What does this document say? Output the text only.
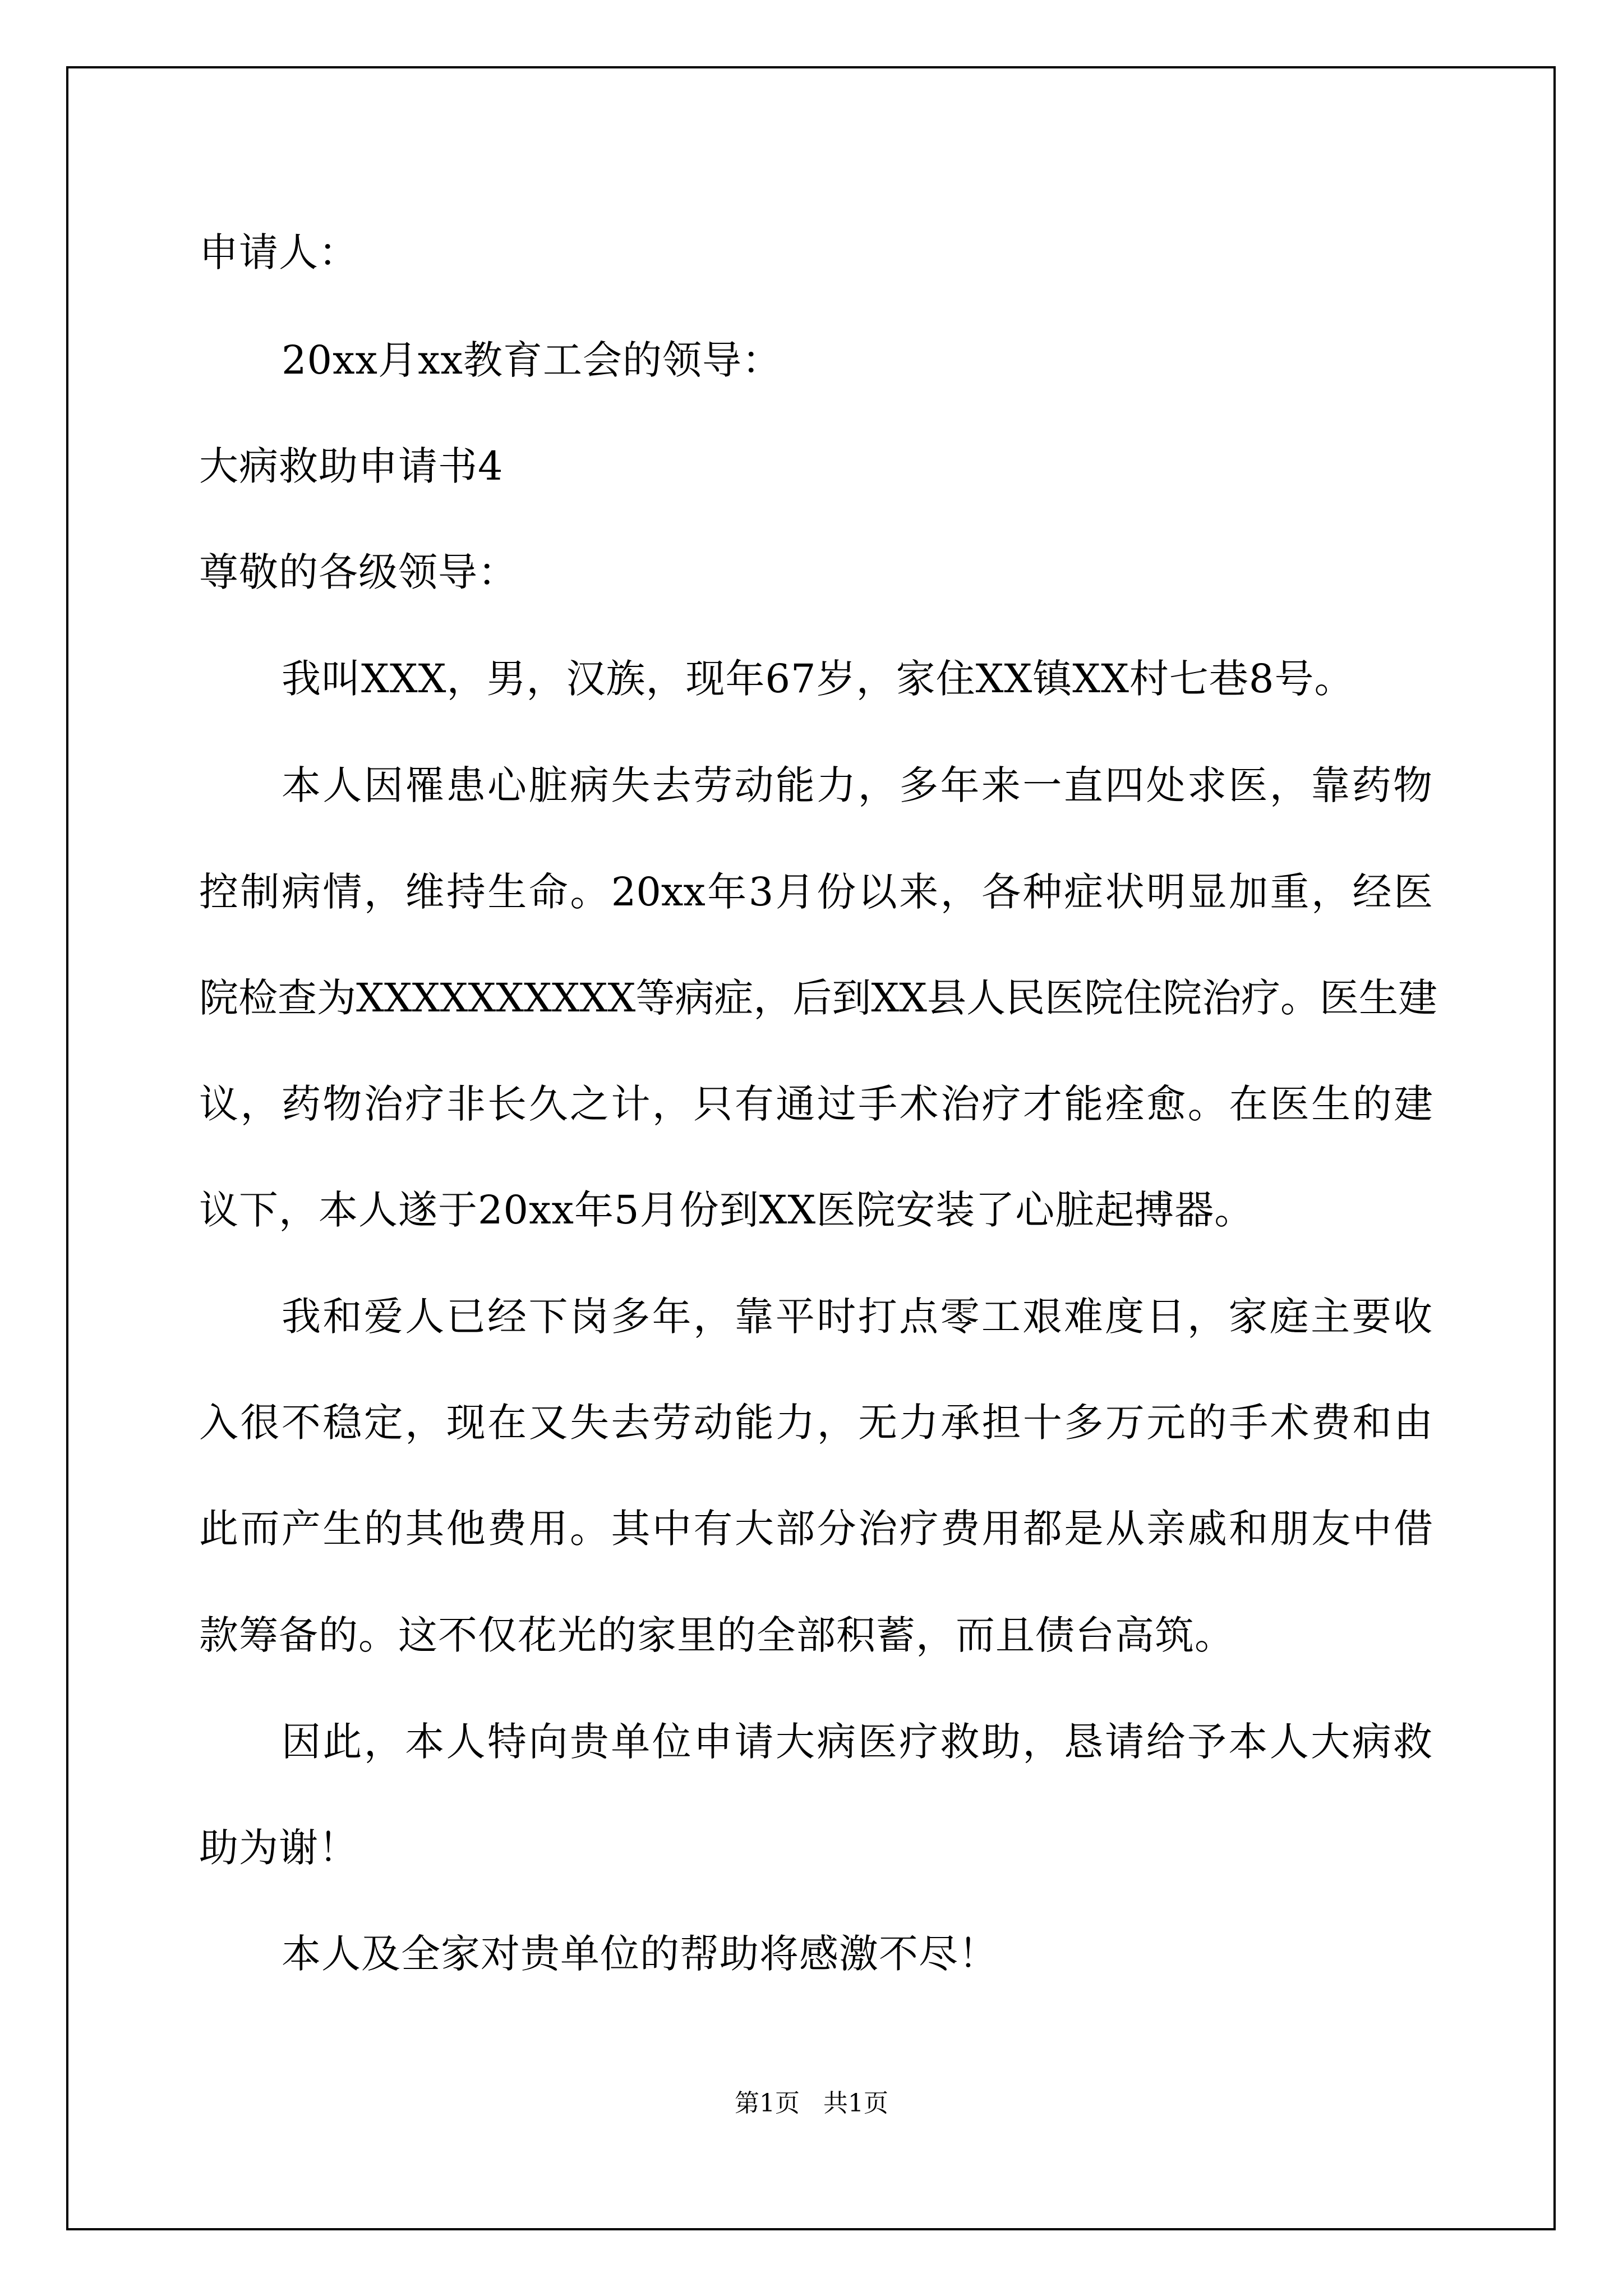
申请人：

20xx月xx教育工会的领导：

大病救助申请书4

尊敬的各级领导：

我叫XXX，男，汉族，现年67岁，家住XX镇XX村七巷8号。

本人因罹患心脏病失去劳动能力，多年来一直四处求医，靠药物

控制病情，维持生命。20xx年3月份以来，各种症状明显加重，经医

院检查为XXXXXXXXXX等病症，后到XX县人民医院住院治疗。医生建

议，药物治疗非长久之计，只有通过手术治疗才能痊愈。在医生的建

议下，本人遂于20xx年5月份到XX医院安装了心脏起搏器。

我和爱人已经下岗多年，靠平时打点零工艰难度日，家庭主要收

入很不稳定，现在又失去劳动能力，无力承担十多万元的手术费和由

此而产生的其他费用。其中有大部分治疗费用都是从亲戚和朋友中借

款筹备的。这不仅花光的家里的全部积蓄，而且债台高筑。

因此，本人特向贵单位申请大病医疗救助，恳请给予本人大病救

助为谢！

本人及全家对贵单位的帮助将感激不尽！

第1页   共1页
